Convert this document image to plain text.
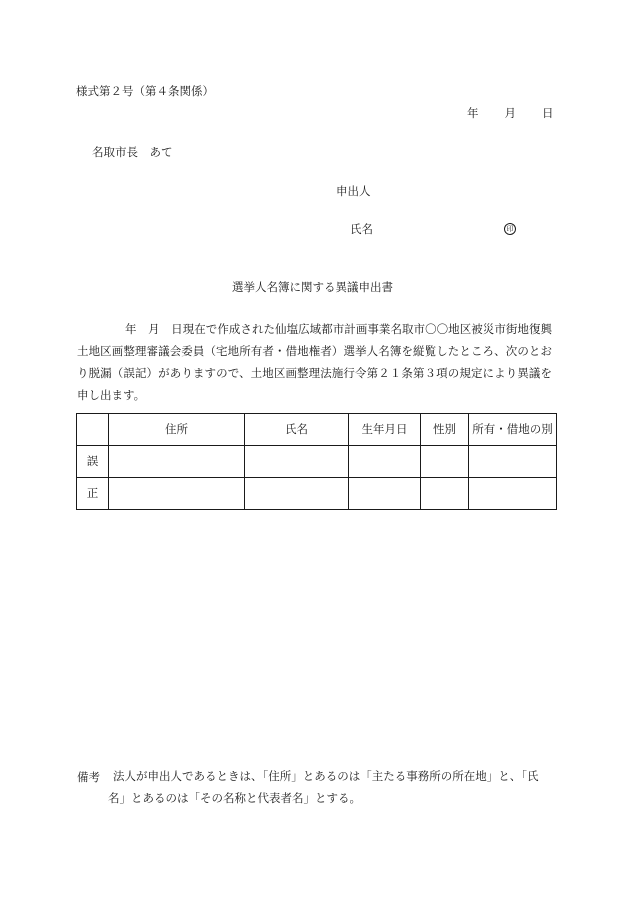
様式第２号（第４条関係）
年 月 日
名取市長　あて
申出人
氏名	印
選挙人名簿に関する異議申出書
年　月　日現在で作成された仙塩広域都市計画事業名取市〇〇地区被災市街地復興土地区画整理審議会委員（宅地所有者・借地権者）選挙人名簿を縦覧したところ、次のとおり脱漏（誤記）がありますので、土地区画整理法施行令第２１条第３項の規定により異議を申し出ます。
	住所	氏名	生年月日	性別	所有・借地の別
誤					
正					
備考	法人が申出人であるときは、「住所」とあるのは「主たる事務所の所在地」と、「氏名」とあるのは「その名称と代表者名」とする。
